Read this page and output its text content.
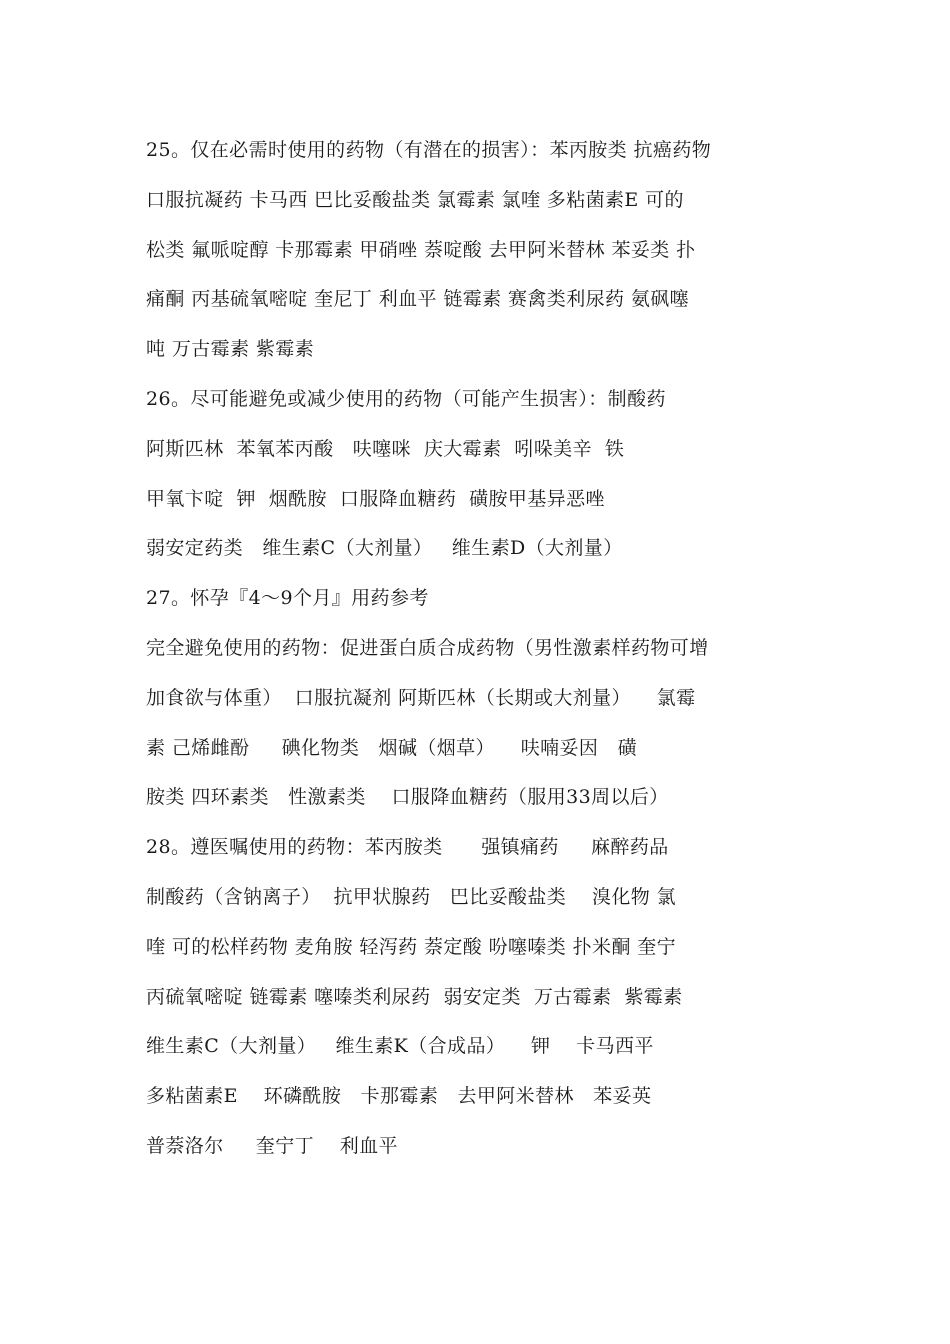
25。仅在必需时使用的药物（有潜在的损害）：苯丙胺类 抗癌药物
口服抗凝药 卡马西 巴比妥酸盐类 氯霉素 氯喹 多粘菌素E 可的
松类 氟哌啶醇 卡那霉素 甲硝唑 萘啶酸 去甲阿米替林 苯妥类 扑
痛酮 丙基硫氧嘧啶 奎尼丁 利血平 链霉素 赛禽类利尿药 氨砜噻
吨 万古霉素 紫霉素
26。尽可能避免或减少使用的药物（可能产生损害）：制酸药
阿斯匹林  苯氧苯丙酸   呋噻咪  庆大霉素  吲哚美辛  铁
甲氧卞啶  钾  烟酰胺  口服降血糖药  磺胺甲基异恶唑
弱安定药类   维生素C（大剂量）   维生素D（大剂量）
27。怀孕『4～9个月』用药参考
完全避免使用的药物：促进蛋白质合成药物（男性激素样药物可增
加食欲与体重）  口服抗凝剂 阿斯匹林（长期或大剂量）    氯霉
素 己烯雌酚     碘化物类   烟碱（烟草）    呋喃妥因   磺
胺类 四环素类   性激素类    口服降血糖药（服用33周以后）
28。遵医嘱使用的药物：苯丙胺类      强镇痛药     麻醉药品
制酸药（含钠离子）  抗甲状腺药   巴比妥酸盐类    溴化物 氯
喹 可的松样药物 麦角胺 轻泻药 萘定酸 吩噻嗪类 扑米酮 奎宁
丙硫氧嘧啶 链霉素 噻嗪类利尿药  弱安定类  万古霉素  紫霉素
维生素C（大剂量）   维生素K（合成品）    钾    卡马西平
多粘菌素E    环磷酰胺   卡那霉素   去甲阿米替林   苯妥英
普萘洛尔     奎宁丁    利血平
